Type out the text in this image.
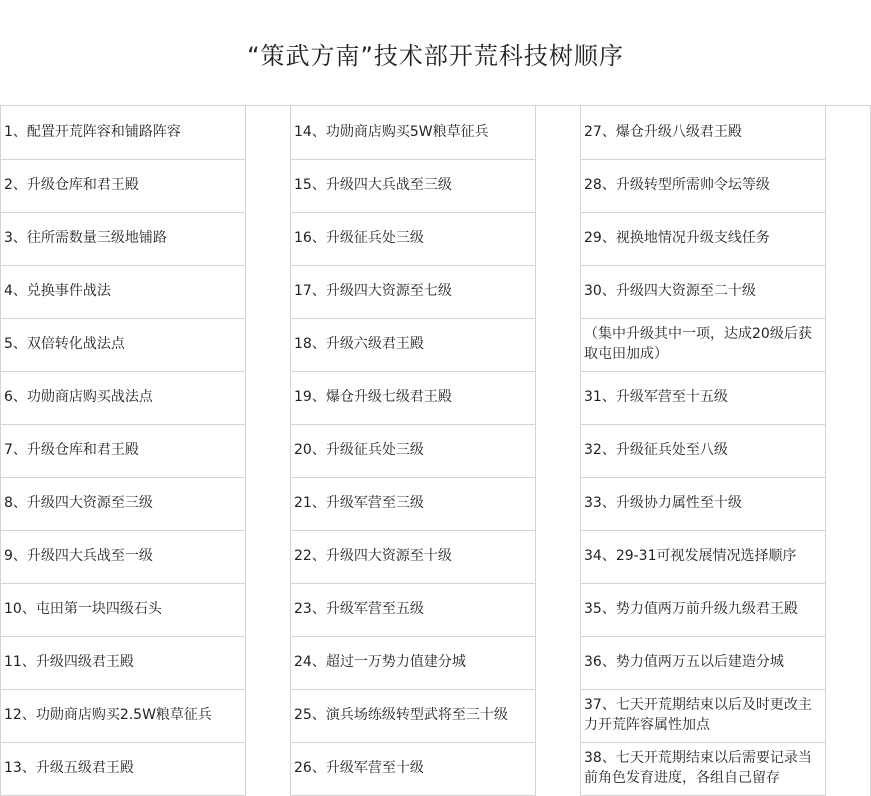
“策武方南”技术部开荒科技树顺序
1、配置开荒阵容和铺路阵容
2、升级仓库和君王殿
3、往所需数量三级地铺路
4、兑换事件战法
5、双倍转化战法点
6、功勋商店购买战法点
7、升级仓库和君王殿
8、升级四大资源至三级
9、升级四大兵战至一级
10、屯田第一块四级石头
11、升级四级君王殿
12、功勋商店购买2.5W粮草征兵
13、升级五级君王殿
14、功勋商店购买5W粮草征兵
15、升级四大兵战至三级
16、升级征兵处三级
17、升级四大资源至七级
18、升级六级君王殿
19、爆仓升级七级君王殿
20、升级征兵处三级
21、升级军营至三级
22、升级四大资源至十级
23、升级军营至五级
24、超过一万势力值建分城
25、演兵场练级转型武将至三十级
26、升级军营至十级
27、爆仓升级八级君王殿
28、升级转型所需帅令坛等级
29、视换地情况升级支线任务
30、升级四大资源至二十级
（集中升级其中一项，达成20级后获取屯田加成）
31、升级军营至十五级
32、升级征兵处至八级
33、升级协力属性至十级
34、29-31可视发展情况选择顺序
35、势力值两万前升级九级君王殿
36、势力值两万五以后建造分城
37、七天开荒期结束以后及时更改主力开荒阵容属性加点
38、七天开荒期结束以后需要记录当前角色发育进度，各组自己留存
